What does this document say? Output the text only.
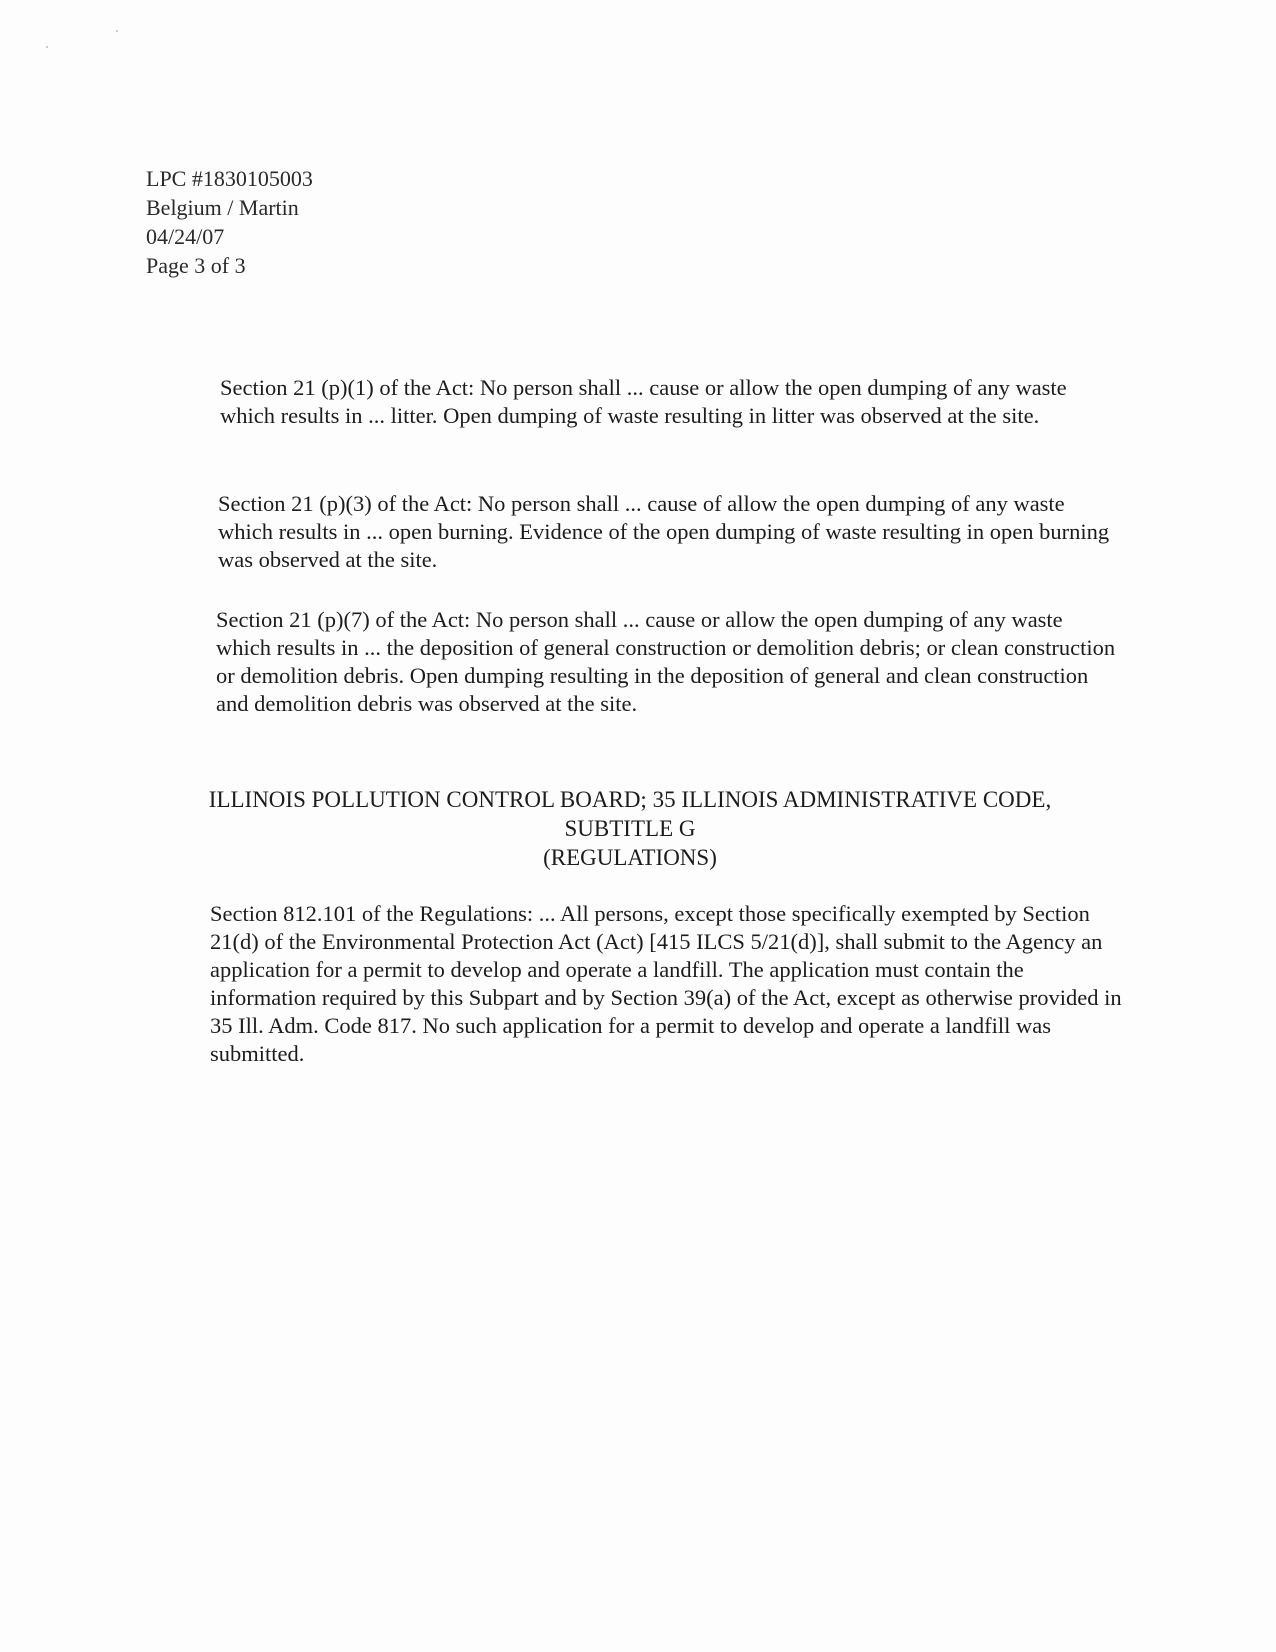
LPC #1830105003
Belgium / Martin
04/24/07
Page 3 of 3
Section 21 (p)(1) of the Act: No person shall ... cause or allow the open dumping of any waste which results in ... litter. Open dumping of waste resulting in litter was observed at the site.
Section 21 (p)(3) of the Act: No person shall ... cause of allow the open dumping of any waste which results in ... open burning. Evidence of the open dumping of waste resulting in open burning was observed at the site.
Section 21 (p)(7) of the Act: No person shall ... cause or allow the open dumping of any waste which results in ... the deposition of general construction or demolition debris; or clean construction or demolition debris. Open dumping resulting in the deposition of general and clean construction and demolition debris was observed at the site.
ILLINOIS POLLUTION CONTROL BOARD; 35 ILLINOIS ADMINISTRATIVE CODE,
SUBTITLE G
(REGULATIONS)
Section 812.101 of the Regulations: ... All persons, except those specifically exempted by Section 21(d) of the Environmental Protection Act (Act) [415 ILCS 5/21(d)], shall submit to the Agency an application for a permit to develop and operate a landfill. The application must contain the information required by this Subpart and by Section 39(a) of the Act, except as otherwise provided in 35 Ill. Adm. Code 817. No such application for a permit to develop and operate a landfill was submitted.
